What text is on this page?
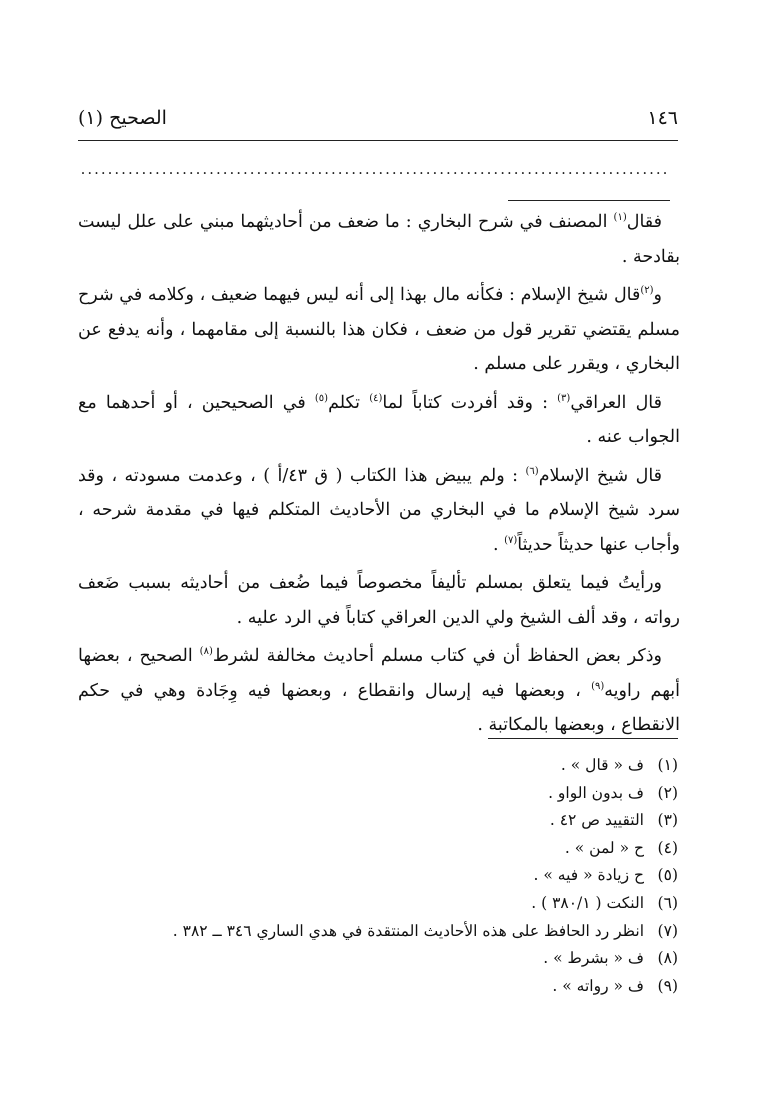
(١) الصحيح	١٤٦
.......................................................................................

فقال$^{(١)}$ المصنف في شرح البخاري : ما ضعف من أحاديثهما مبني على علل ليست بقادحة .

و$^{(٢)}$قال شيخ الإسلام : فكأنه مال بهذا إلى أنه ليس فيهما ضعيف ، وكلامه في شرح مسلم يقتضي تقرير قول من ضعف ، فكان هذا بالنسبة إلى مقامهما ، وأنه يدفع عن البخاري ، ويقرر على مسلم .

قال العراقي$^{(٣)}$ : وقد أفردت كتاباً لما$^{(٤)}$ تكلم$^{(٥)}$ في الصحيحين ، أو أحدهما مع الجواب عنه .

قال شيخ الإسلام$^{(٦)}$ : ولم يبيض هذا الكتاب ( ق ٤٣/أ ) ، وعدمت مسودته ، وقد سرد شيخ الإسلام ما في البخاري من الأحاديث المتكلم فيها في مقدمة شرحه ، وأجاب عنها حديثاً حديثاً$^{(٧)}$ .

ورأيتُ فيما يتعلق بمسلم تأليفاً مخصوصاً فيما ضُعف من أحاديثه بسبب ضَعف رواته ، وقد ألف الشيخ ولي الدين العراقي كتاباً في الرد عليه .

وذكر بعض الحفاظ أن في كتاب مسلم أحاديث مخالفة لشرط$^{(٨)}$ الصحيح ، بعضها أبهم راويه$^{(٩)}$ ، وبعضها فيه إرسال وانقطاع ، وبعضها فيه وِجَادة وهي في حكم الانقطاع ، وبعضها بالمكاتبة .

(١)
ف « قال » .
(٢)
ف بدون الواو .
(٣)
التقييد ص ٤٢ .
(٤)
ح « لمن » .
(٥)
ح زيادة « فيه » .
(٦)
النكت ( ٣٨٠/١ ) .
(٧)
انظر رد الحافظ على هذه الأحاديث المنتقدة في هدي الساري ٣٤٦ ــ ٣٨٢ .
(٨)
ف « بشرط » .
(٩)
ف « رواته » .
